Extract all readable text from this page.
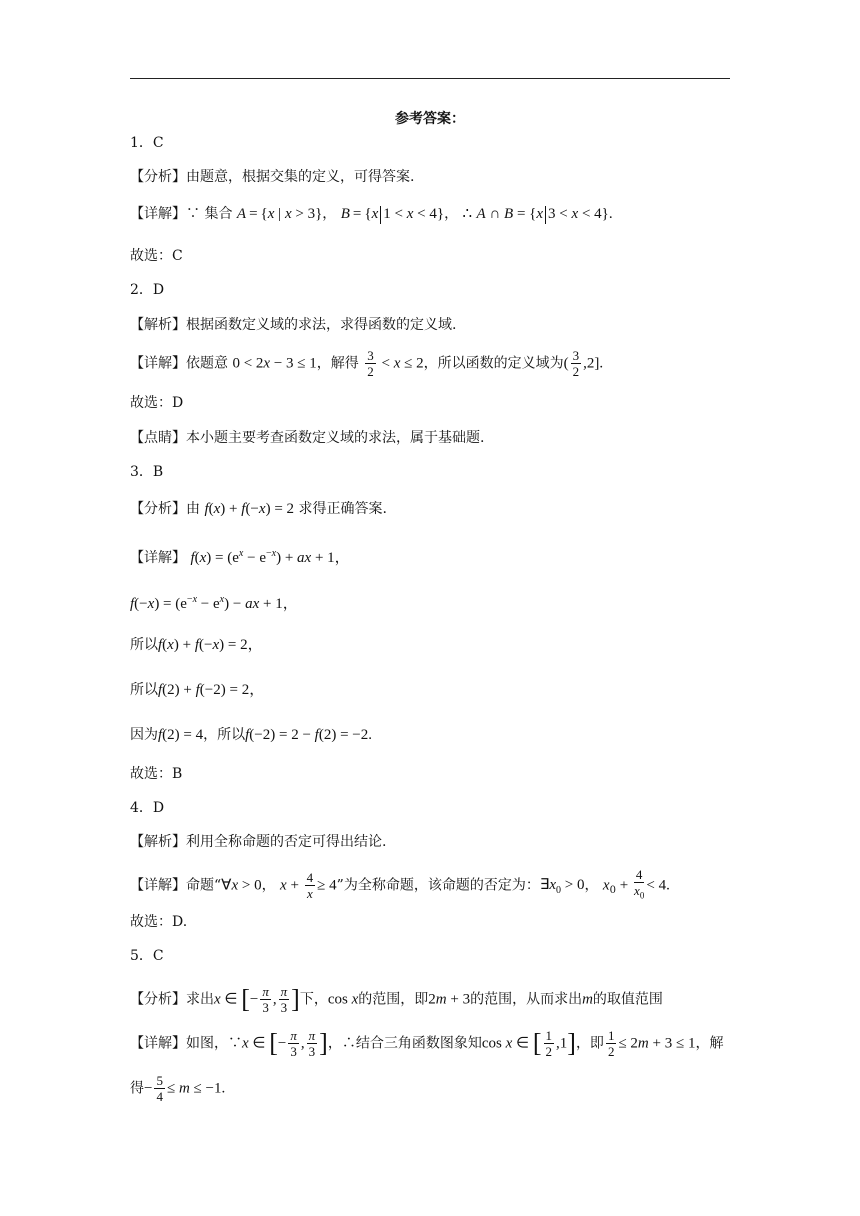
参考答案：
1．C
【分析】由题意，根据交集的定义，可得答案.
【详解】∵ 集合 A = {x | x > 3}， B = {x 1 < x < 4}， ∴ A ∩ B = {x 3 < x < 4}.
故选：C
2．D
【解析】根据函数定义域的求法，求得函数的定义域.
【详解】依题意 0 < 2x − 3 ≤ 1，解得 $\frac{3}{2} < x \le 2$，所以函数的定义域为( $\frac{3}{2} ,2$].
故选：D
【点睛】本小题主要考查函数定义域的求法，属于基础题.
3．B
【分析】由 f(x) + f(−x) = 2 求得正确答案.
【详解】 $f(x) = (e^x - e^{-x})$ + ax + 1，
$f(-x) = (e^{-x} - e^x)$ − ax + 1，
所以f(x) + f(−x) = 2，
所以f(2) + f(−2) = 2，
因为f(2) = 4，所以f(−2) = 2 − f(2) = −2.
故选：B
4．D
【解析】利用全称命题的否定可得出结论.
【详解】命题“∀x > 0， $x + \frac{4}{x} \ge 4$”为全称命题，该命题的否定为：$\exists x_0 > 0$， $x_0 + \frac{4}{x_0} < 4$.
故选：D.
5．C
【分析】求出x ∈ [− $\frac{\pi}{3}$ , $\frac{\pi}{3}$ ]下，cos x的范围，即2m + 3的范围，从而求出m的取值范围
【详解】如图，∵x ∈ [− $\frac{\pi}{3}$ , $\frac{\pi}{3}$ ]，∴结合三角函数图象知cos x ∈ [ $\frac{1}{2} ,1$]，即 $\frac{1}{2} \le 2m + 3 \le 1$，解
得− $\frac{5}{4} \le m \le -1$.
